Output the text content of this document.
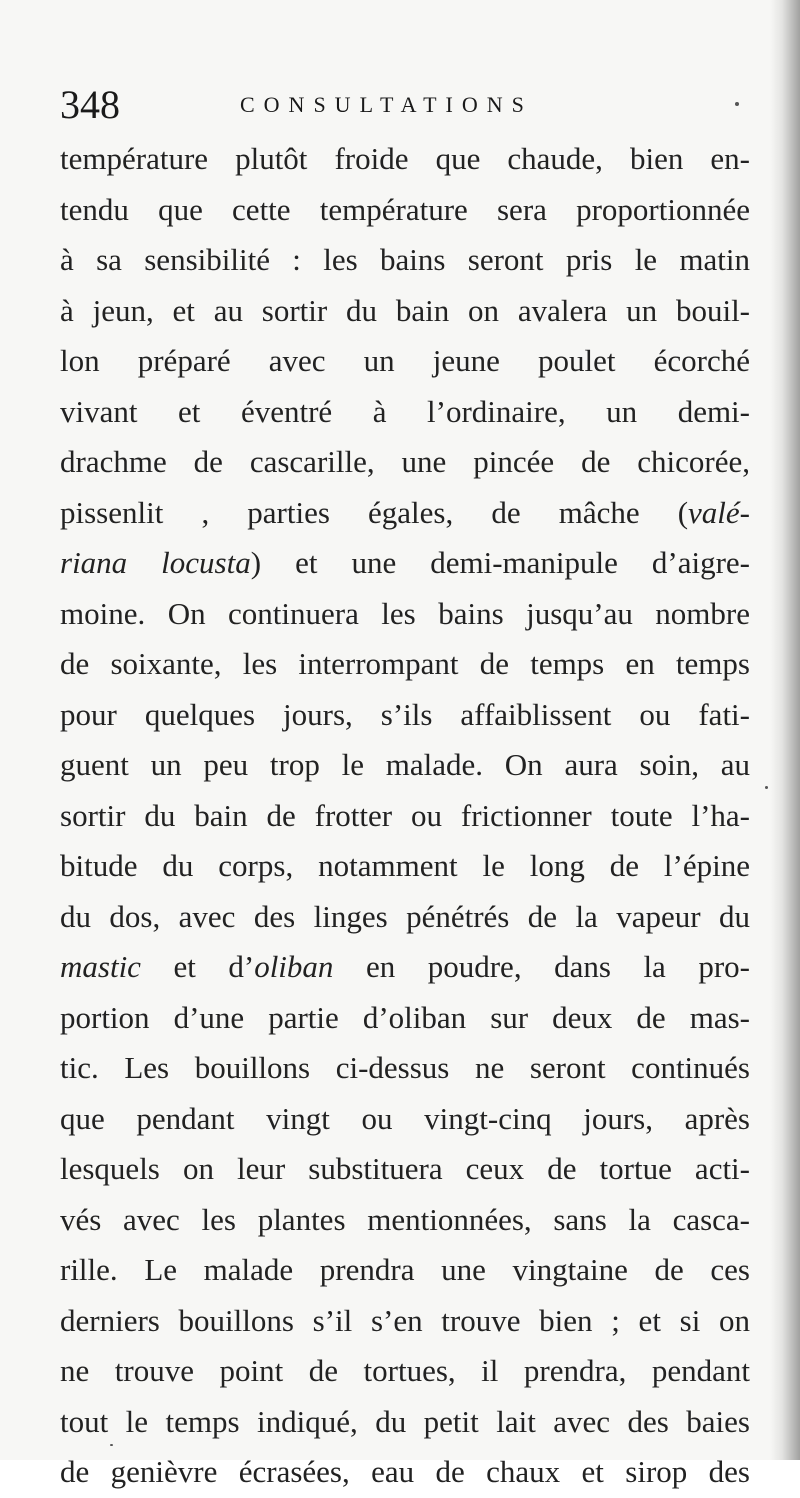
348	CONSULTATIONS
température plutôt froide que chaude, bien en-
tendu que cette température sera proportionnée
à sa sensibilité : les bains seront pris le matin
à jeun, et au sortir du bain on avalera un bouil-
lon préparé avec un jeune poulet écorché
vivant et éventré à l’ordinaire, un demi-
drachme de cascarille, une pincée de chicorée,
pissenlit , parties égales, de mâche (valé-
riana locusta) et une demi-manipule d’aigre-
moine. On continuera les bains jusqu’au nombre
de soixante, les interrompant de temps en temps
pour quelques jours, s’ils affaiblissent ou fati-
guent un peu trop le malade. On aura soin, au
sortir du bain de frotter ou frictionner toute l’ha-
bitude du corps, notamment le long de l’épine
du dos, avec des linges pénétrés de la vapeur du
mastic et d’oliban en poudre, dans la pro-
portion d’une partie d’oliban sur deux de mas-
tic. Les bouillons ci-dessus ne seront continués
que pendant vingt ou vingt-cinq jours, après
lesquels on leur substituera ceux de tortue acti-
vés avec les plantes mentionnées, sans la casca-
rille. Le malade prendra une vingtaine de ces
derniers bouillons s’il s’en trouve bien ; et si on
ne trouve point de tortues, il prendra, pendant
tout le temps indiqué, du petit lait avec des baies
de genièvre écrasées, eau de chaux et sirop des
